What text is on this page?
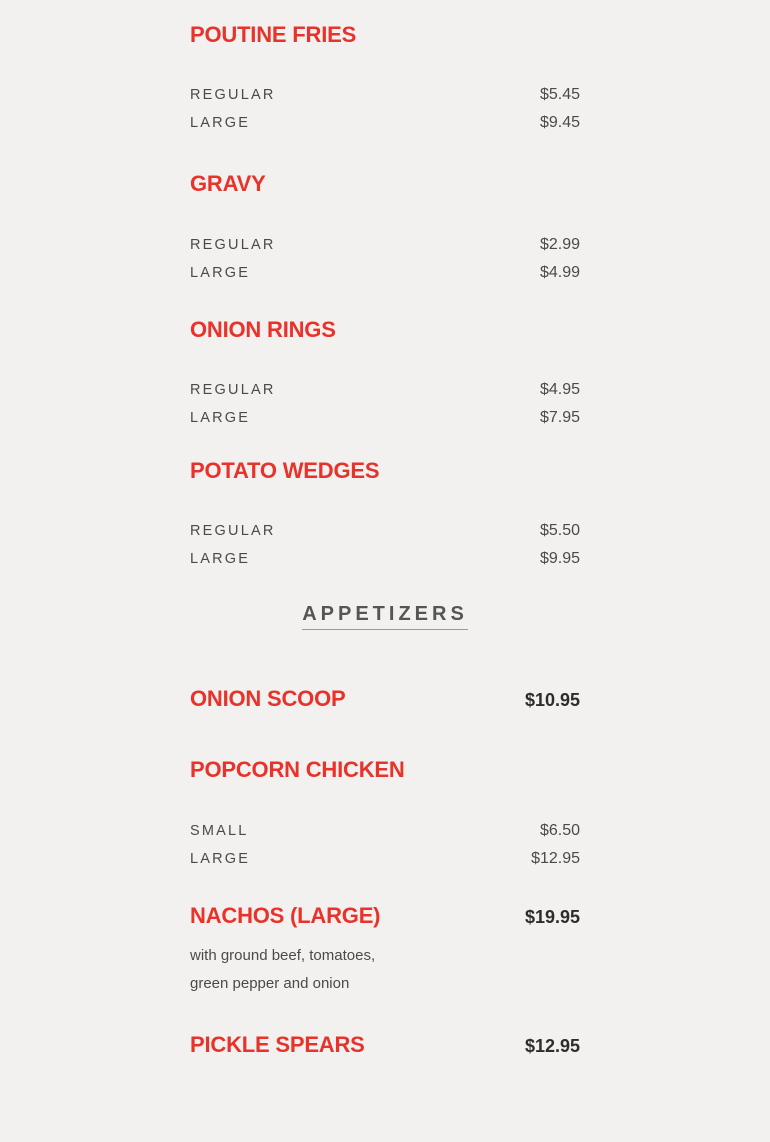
POUTINE FRIES
REGULAR	$5.45
LARGE	$9.45
GRAVY
REGULAR	$2.99
LARGE	$4.99
ONION RINGS
REGULAR	$4.95
LARGE	$7.95
POTATO WEDGES
REGULAR	$5.50
LARGE	$9.95
APPETIZERS
ONION SCOOP	$10.95
POPCORN CHICKEN
SMALL	$6.50
LARGE	$12.95
NACHOS (LARGE)	$19.95
with ground beef, tomatoes, green pepper and onion
PICKLE SPEARS	$12.95
